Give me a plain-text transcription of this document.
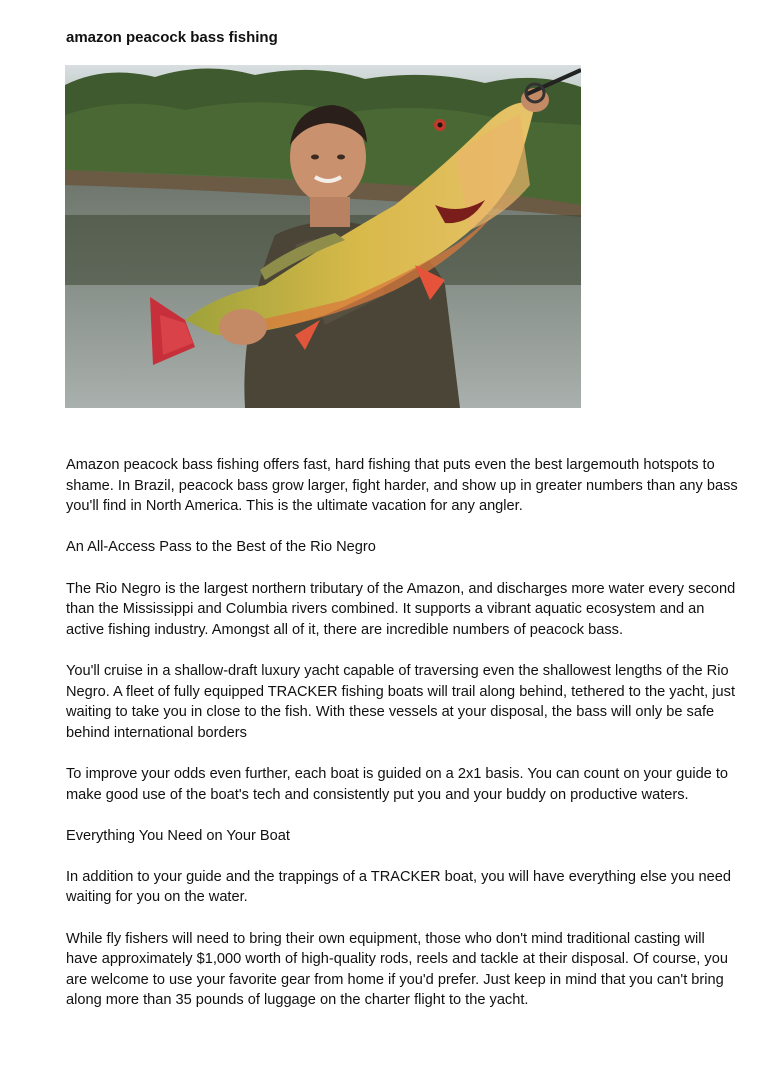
amazon peacock bass fishing

Amazon peacock bass fishing offers fast, hard fishing that puts even the best largemouth hotspots to shame. In Brazil, peacock bass grow larger, fight harder, and show up in greater numbers than any bass you'll find in North America. This is the ultimate vacation for any angler.

An All-Access Pass to the Best of the Rio Negro

The Rio Negro is the largest northern tributary of the Amazon, and discharges more water every second than the Mississippi and Columbia rivers combined. It supports a vibrant aquatic ecosystem and an active fishing industry. Amongst all of it, there are incredible numbers of peacock bass.

You'll cruise in a shallow-draft luxury yacht capable of traversing even the shallowest lengths of the Rio Negro. A fleet of fully equipped TRACKER fishing boats will trail along behind, tethered to the yacht, just waiting to take you in close to the fish. With these vessels at your disposal, the bass will only be safe behind international borders

To improve your odds even further, each boat is guided on a 2x1 basis. You can count on your guide to make good use of the boat's tech and consistently put you and your buddy on productive waters.

Everything You Need on Your Boat

In addition to your guide and the trappings of a TRACKER boat, you will have everything else you need waiting for you on the water.

While fly fishers will need to bring their own equipment, those who don't mind traditional casting will have approximately $1,000 worth of high-quality rods, reels and tackle at their disposal. Of course, you are welcome to use your favorite gear from home if you'd prefer. Just keep in mind that you can't bring along more than 35 pounds of luggage on the charter flight to the yacht.
